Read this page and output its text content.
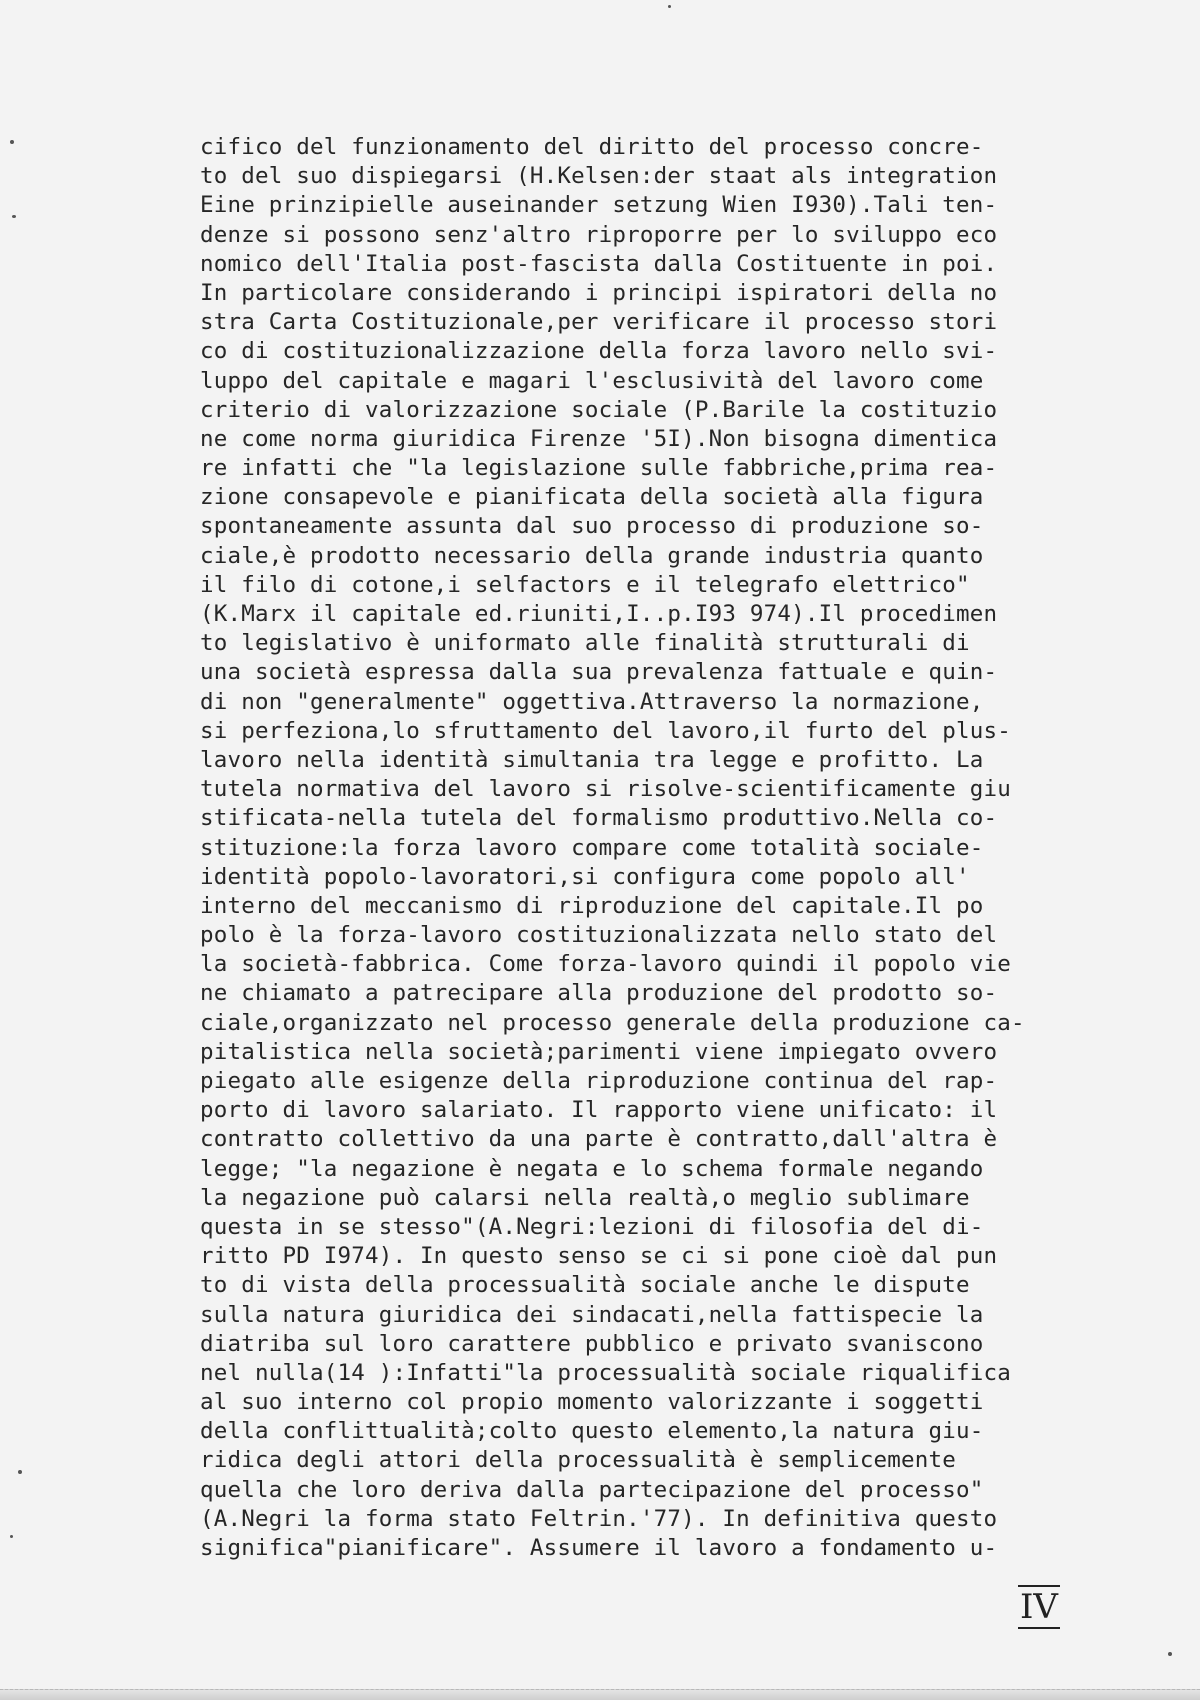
cifico del funzionamento del diritto del processo concre-
to del suo dispiegarsi (H.Kelsen:der staat als integration
Eine prinzipielle auseinander setzung Wien I930).Tali ten-
denze si possono senz'altro riproporre per lo sviluppo eco
nomico dell'Italia post-fascista dalla Costituente in poi.
In particolare considerando i principi ispiratori della no
stra Carta Costituzionale,per verificare il processo stori
co di costituzionalizzazione della forza lavoro nello svi-
luppo del capitale e magari l'esclusività del lavoro come
criterio di valorizzazione sociale (P.Barile la costituzio
ne come norma giuridica Firenze '5I).Non bisogna dimentica
re infatti che "la legislazione sulle fabbriche,prima rea-
zione consapevole e pianificata della società alla figura
spontaneamente assunta dal suo processo di produzione so-
ciale,è prodotto necessario della grande industria quanto
il filo di cotone,i selfactors e il telegrafo elettrico"
(K.Marx il capitale ed.riuniti,I..p.I93 974).Il procedimen
to legislativo è uniformato alle finalità strutturali di
una società espressa dalla sua prevalenza fattuale e quin-
di non "generalmente" oggettiva.Attraverso la normazione,
si perfeziona,lo sfruttamento del lavoro,il furto del plus-
lavoro nella identità simultania tra legge e profitto. La
tutela normativa del lavoro si risolve-scientificamente giu
stificata-nella tutela del formalismo produttivo.Nella co-
stituzione:la forza lavoro compare come totalità sociale-
identità popolo-lavoratori,si configura come popolo all'
interno del meccanismo di riproduzione del capitale.Il po
polo è la forza-lavoro costituzionalizzata nello stato del
la società-fabbrica. Come forza-lavoro quindi il popolo vie
ne chiamato a patrecipare alla produzione del prodotto so-
ciale,organizzato nel processo generale della produzione ca-
pitalistica nella società;parimenti viene impiegato ovvero
piegato alle esigenze della riproduzione continua del rap-
porto di lavoro salariato. Il rapporto viene unificato: il
contratto collettivo da una parte è contratto,dall'altra è
legge; "la negazione è negata e lo schema formale negando
la negazione può calarsi nella realtà,o meglio sublimare
questa in se stesso"(A.Negri:lezioni di filosofia del di-
ritto PD I974). In questo senso se ci si pone cioè dal pun
to di vista della processualità sociale anche le dispute
sulla natura giuridica dei sindacati,nella fattispecie la
diatriba sul loro carattere pubblico e privato svaniscono
nel nulla(14 ):Infatti"la processualità sociale riqualifica
al suo interno col propio momento valorizzante i soggetti
della conflittualità;colto questo elemento,la natura giu-
ridica degli attori della processualità è semplicemente
quella che loro deriva dalla partecipazione del processo"
(A.Negri la forma stato Feltrin.'77). In definitiva questo
significa"pianificare". Assumere il lavoro a fondamento u-
IV
